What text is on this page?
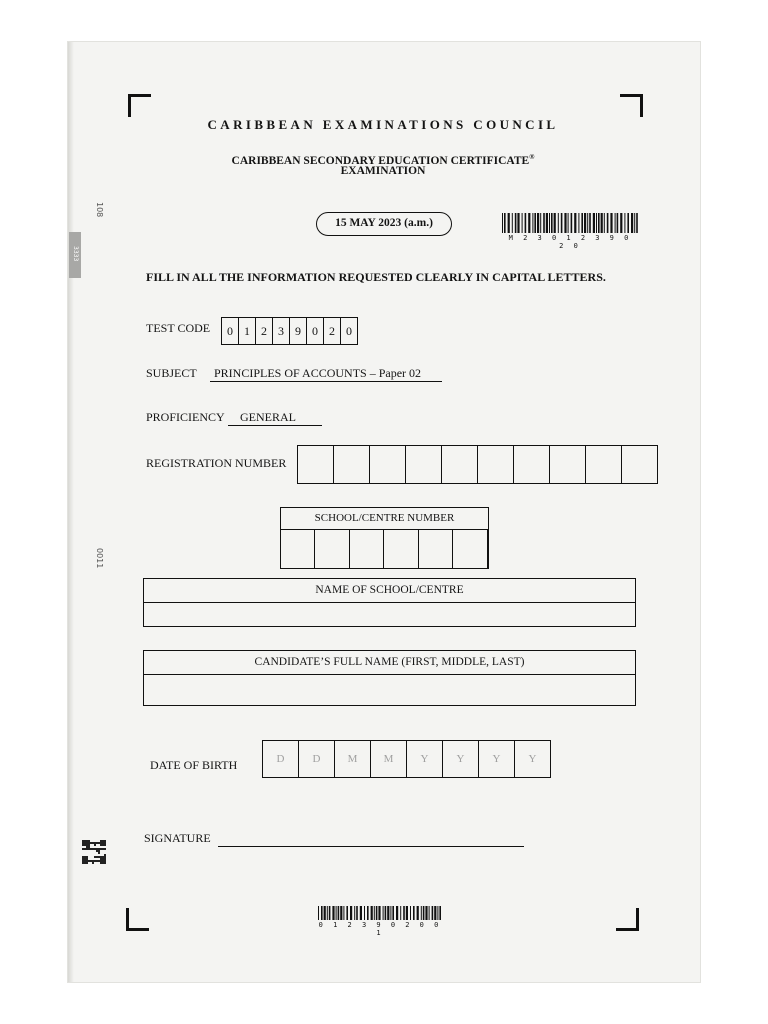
108
3333
0011
CARIBBEAN EXAMINATIONS COUNCIL
CARIBBEAN SECONDARY EDUCATION CERTIFICATE®
EXAMINATION
15 MAY 2023 (a.m.)
M 2 3 0 1 2 3 9 0 2 0
FILL IN ALL THE INFORMATION REQUESTED CLEARLY IN CAPITAL LETTERS.
TEST CODE	0 1 2 3 9 0 2 0
SUBJECT	PRINCIPLES OF ACCOUNTS – Paper 02
PROFICIENCY	GENERAL
REGISTRATION NUMBER
SCHOOL/CENTRE NUMBER
NAME OF SCHOOL/CENTRE
CANDIDATE’S FULL NAME (FIRST, MIDDLE, LAST)
DATE OF BIRTH	D	D	M	M	Y	Y	Y	Y
SIGNATURE
0 1 2 3 9 0 2 0 0 1
